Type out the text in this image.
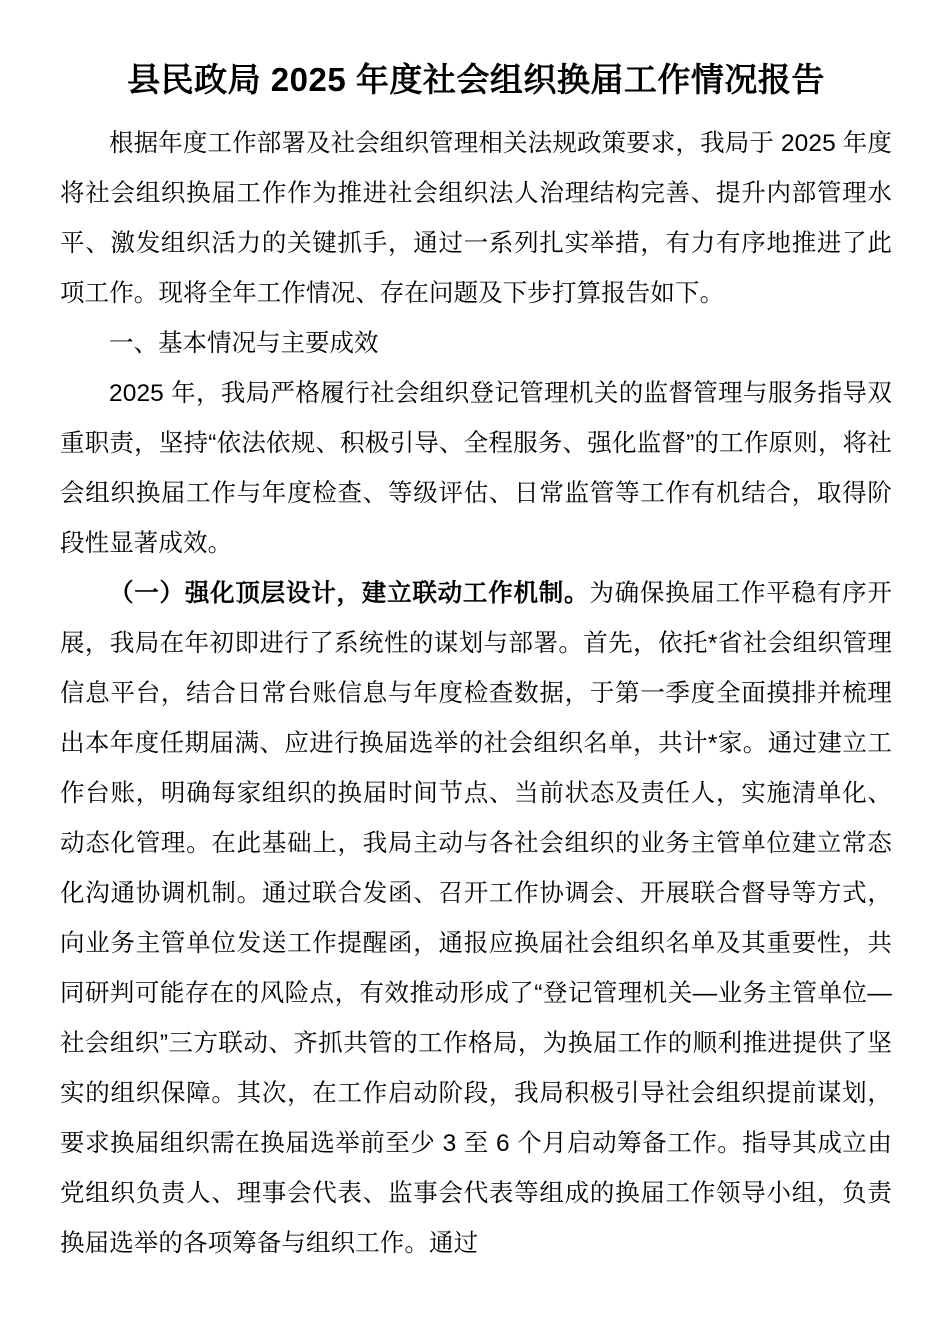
县民政局 2025 年度社会组织换届工作情况报告

根据年度工作部署及社会组织管理相关法规政策要求，我局于 2025 年度将社会组织换届工作作为推进社会组织法人治理结构完善、提升内部管理水平、激发组织活力的关键抓手，通过一系列扎实举措，有力有序地推进了此项工作。现将全年工作情况、存在问题及下步打算报告如下。

一、基本情况与主要成效

2025 年，我局严格履行社会组织登记管理机关的监督管理与服务指导双重职责，坚持“依法依规、积极引导、全程服务、强化监督”的工作原则，将社会组织换届工作与年度检查、等级评估、日常监管等工作有机结合，取得阶段性显著成效。

（一）强化顶层设计，建立联动工作机制。为确保换届工作平稳有序开展，我局在年初即进行了系统性的谋划与部署。首先，依托*省社会组织管理信息平台，结合日常台账信息与年度检查数据，于第一季度全面摸排并梳理出本年度任期届满、应进行换届选举的社会组织名单，共计*家。通过建立工作台账，明确每家组织的换届时间节点、当前状态及责任人，实施清单化、动态化管理。在此基础上，我局主动与各社会组织的业务主管单位建立常态化沟通协调机制。通过联合发函、召开工作协调会、开展联合督导等方式，向业务主管单位发送工作提醒函，通报应换届社会组织名单及其重要性，共同研判可能存在的风险点，有效推动形成了“登记管理机关—业务主管单位—社会组织”三方联动、齐抓共管的工作格局，为换届工作的顺利推进提供了坚实的组织保障。其次，在工作启动阶段，我局积极引导社会组织提前谋划，要求换届组织需在换届选举前至少 3 至 6 个月启动筹备工作。指导其成立由党组织负责人、理事会代表、监事会代表等组成的换届工作领导小组，负责换届选举的各项筹备与组织工作。通过
